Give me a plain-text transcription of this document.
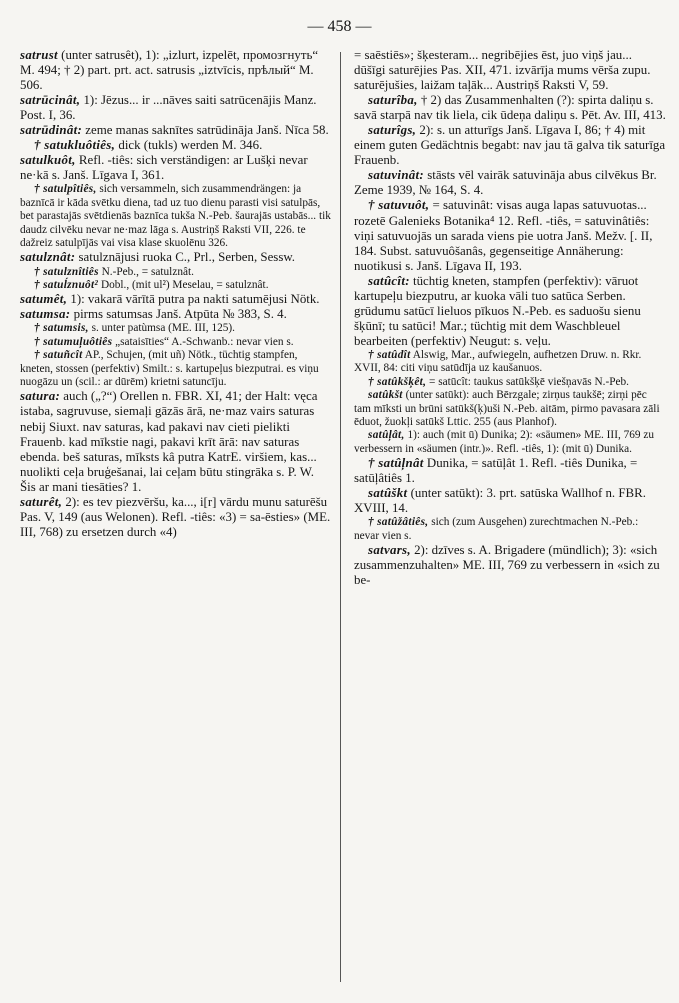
— 458 —
satrust (unter satrusêt), 1): „izlurt, izpelēt, промозгнуть“ M. 494; † 2) part. prt. act. satrusis „iztvīcis, прѣлый“ M. 506.
satrūcinât, 1): Jēzus... ir ...nāves saiti satrūcenājis Manz. Post. I, 36.
satrūdinât: zeme manas saknītes satrūdināja Janš. Nīca 58.
† satukluôtiês, dick (tukls) werden M. 346.
satulkuôt, Refl. -tiês: sich verständigen: ar Lušķi nevar ne·kā s. Janš. Līgava I, 361.
† satulpîtiês, sich versammeln, sich zusammendrängen: ja baznīcā ir kāda svētku diena, tad uz tuo dienu parasti visi satulpās, bet parastajās svētdienās baznīca tukša N.-Peb. šaurajās ustabās... tik daudz cilvēku nevar ne·maz lāga s. Austriņš Raksti VII, 226. te dažreiz satulpījās vai visa klase skuolēnu 326.
satulznât: satulznājusi ruoka C., Prl., Serben, Sessw.
† satulznîtiês N.-Peb., = satulznât.
† satuĺznuôt² Dobl., (mit ul²) Meselau, = satulznât.
satumêt, 1): vakarā vārītā putra pa nakti satumējusi Nötk.
satumsa: pirms satumsas Janš. Atpūta № 383, S. 4.
† satumsis, s. unter patùmsa (ME. III, 125).
† satumuļuôtiês „sataisīties“ A.-Schwanb.: nevar vien s.
† satuñcît AP., Schujen, (mit uñ) Nötk., tüchtig stampfen, kneten, stossen (perfektiv) Smilt.: s. kartupeļus biezputrai. es viņu nuogāzu un (scil.: ar dūrēm) krietni satuncīju.
satura: auch („?“) Orellen n. FBR. XI, 41; der Halt: vęca istaba, sagruvuse, siemaļi gāzās ārā, ne·maz vairs saturas nebij Siuxt. nav saturas, kad pakavi nav cieti pielikti Frauenb. kad mīkstie nagi, pakavi krīt ārā: nav saturas ebenda. beš saturas, mīksts kâ putra KatrE. viršiem, kas... nuolikti ceļa bruģešanai, lai ceļam būtu stingrāka s. P. W. Šis ar mani tiesāties? 1.
saturêt, 2): es tev piezvēršu, ka..., i[r] vārdu munu saturēšu Pas. V, 149 (aus Welonen). Refl. -tiês: «3) = sa-ēsties» (ME. III, 768) zu ersetzen durch «4)
= saēstiēs»; šķesteram... negribējies ēst, juo viņš jau... dūšīgi saturējies Pas. XII, 471. izvārīja mums vērša zupu. saturējušies, laižam taļāk... Austriņš Raksti V, 59.
saturîba, † 2) das Zusammenhalten (?): spirta daliņu s. savā starpā nav tik liela, cik ūdeņa daliņu s. Pēt. Av. III, 413.
saturîgs, 2): s. un atturīgs Janš. Līgava I, 86; † 4) mit einem guten Gedächtnis begabt: nav jau tā galva tik saturīga Frauenb.
satuvinât: stāsts vēl vairāk satuvināja abus cilvēkus Br. Zeme 1939, № 164, S. 4.
† satuvuôt, = satuvinât: visas auga lapas satuvuotas... rozetē Galenieks Botanika⁴ 12. Refl. -tiês, = satuvinâtiês: viņi satuvuojās un sarada viens pie uotra Janš. Mežv. [. II, 184. Subst. satuvuôšanâs, gegenseitige Annäherung: nuotikusi s. Janš. Līgava II, 193.
satûcît: tüchtig kneten, stampfen (perfektiv): vāruot kartupeļu biezputru, ar kuoka vāli tuo satūca Serben. grūdumu satūcī lieluos pīkuos N.-Peb. es saduošu sienu šķūnī; tu satūci! Mar.; tüchtig mit dem Waschbleuel bearbeiten (perfektiv) Neugut: s. veļu.
† satûdît Alswig, Mar., aufwiegeln, aufhetzen Druw. n. Rkr. XVII, 84: citi viņu satūdīja uz kaušanuos.
† satûkšķêt, = satūcît: taukus satūkšķē viešņavās N.-Peb.
satûkšt (unter satūkt): auch Bērzgale; zirņus taukšē; zirņi pēc tam mīksti un brūni satūkš(ķ)uši N.-Peb. aitām, pirmo pavasara zāli ēduot, žuokļi satūkš Lttic. 255 (aus Planhof).
satûļât, 1): auch (mit ū) Dunika; 2): «säumen» ME. III, 769 zu verbessern in «säumen (intr.)». Refl. -tiês, 1): (mit ū) Dunika.
† satûļnât Dunika, = satūļât 1. Refl. -tiês Dunika, = satūļâtiês 1.
satûškt (unter satūkt): 3. prt. satūska Wallhof n. FBR. XVIII, 14.
† satûžâtiês, sich (zum Ausgehen) zurechtmachen N.-Peb.: nevar vien s.
satvars, 2): dzīves s. A. Brigadere (mündlich); 3): «sich zusammenzuhalten» ME. III, 769 zu verbessern in «sich zu be-
